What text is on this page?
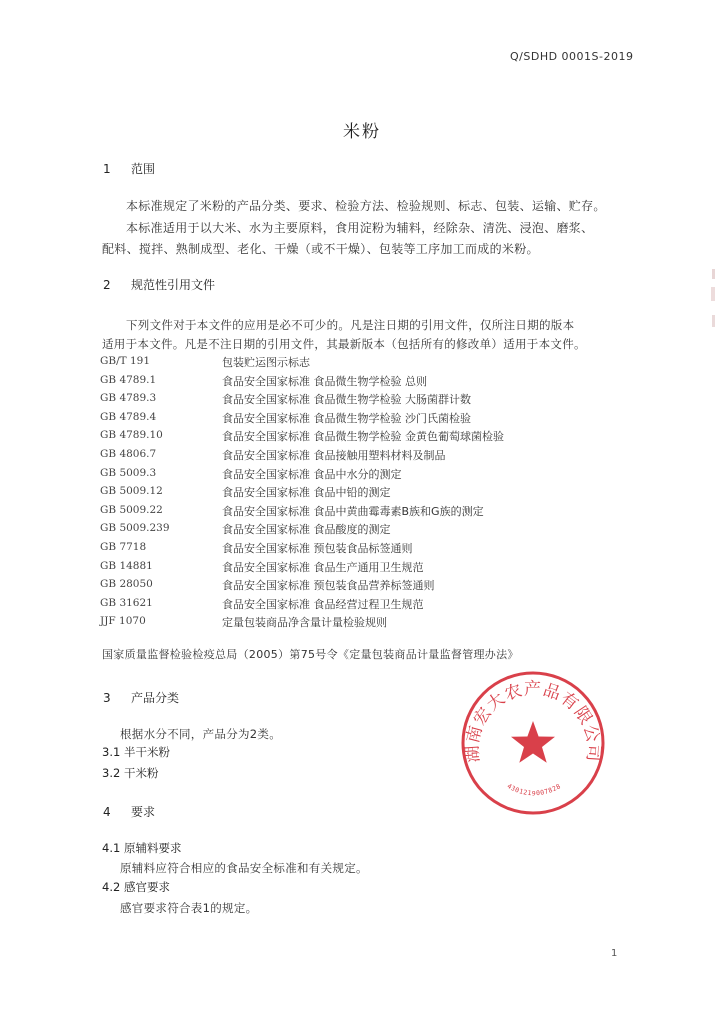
Q/SDHD 0001S-2019
米粉
1 范围
本标准规定了米粉的产品分类、要求、检验方法、检验规则、标志、包装、运输、贮存。
本标准适用于以大米、水为主要原料，食用淀粉为辅料，经除杂、清洗、浸泡、磨浆、
配料、搅拌、熟制成型、老化、干燥（或不干燥）、包装等工序加工而成的米粉。
2 规范性引用文件
下列文件对于本文件的应用是必不可少的。凡是注日期的引用文件，仅所注日期的版本
适用于本文件。凡是不注日期的引用文件，其最新版本（包括所有的修改单）适用于本文件。
GB/T 191	包装贮运图示标志
GB 4789.1	食品安全国家标准 食品微生物学检验 总则
GB 4789.3	食品安全国家标准 食品微生物学检验 大肠菌群计数
GB 4789.4	食品安全国家标准 食品微生物学检验 沙门氏菌检验
GB 4789.10	食品安全国家标准 食品微生物学检验 金黄色葡萄球菌检验
GB 4806.7	食品安全国家标准 食品接触用塑料材料及制品
GB 5009.3	食品安全国家标准 食品中水分的测定
GB 5009.12	食品安全国家标准 食品中铅的测定
GB 5009.22	食品安全国家标准 食品中黄曲霉毒素B族和G族的测定
GB 5009.239	食品安全国家标准 食品酸度的测定
GB 7718	食品安全国家标准 预包装食品标签通则
GB 14881	食品安全国家标准 食品生产通用卫生规范
GB 28050	食品安全国家标准 预包装食品营养标签通则
GB 31621	食品安全国家标准 食品经营过程卫生规范
JJF 1070	定量包装商品净含量计量检验规则
国家质量监督检验检疫总局（2005）第75号令《定量包装商品计量监督管理办法》
3 产品分类
根据水分不同，产品分为2类。
3.1 半干米粉
3.2 干米粉
4 要求
4.1 原辅料要求
原辅料应符合相应的食品安全标准和有关规定。
4.2 感官要求
感官要求符合表1的规定。
湖南宏大农产品有限公司
4301219007828
1
